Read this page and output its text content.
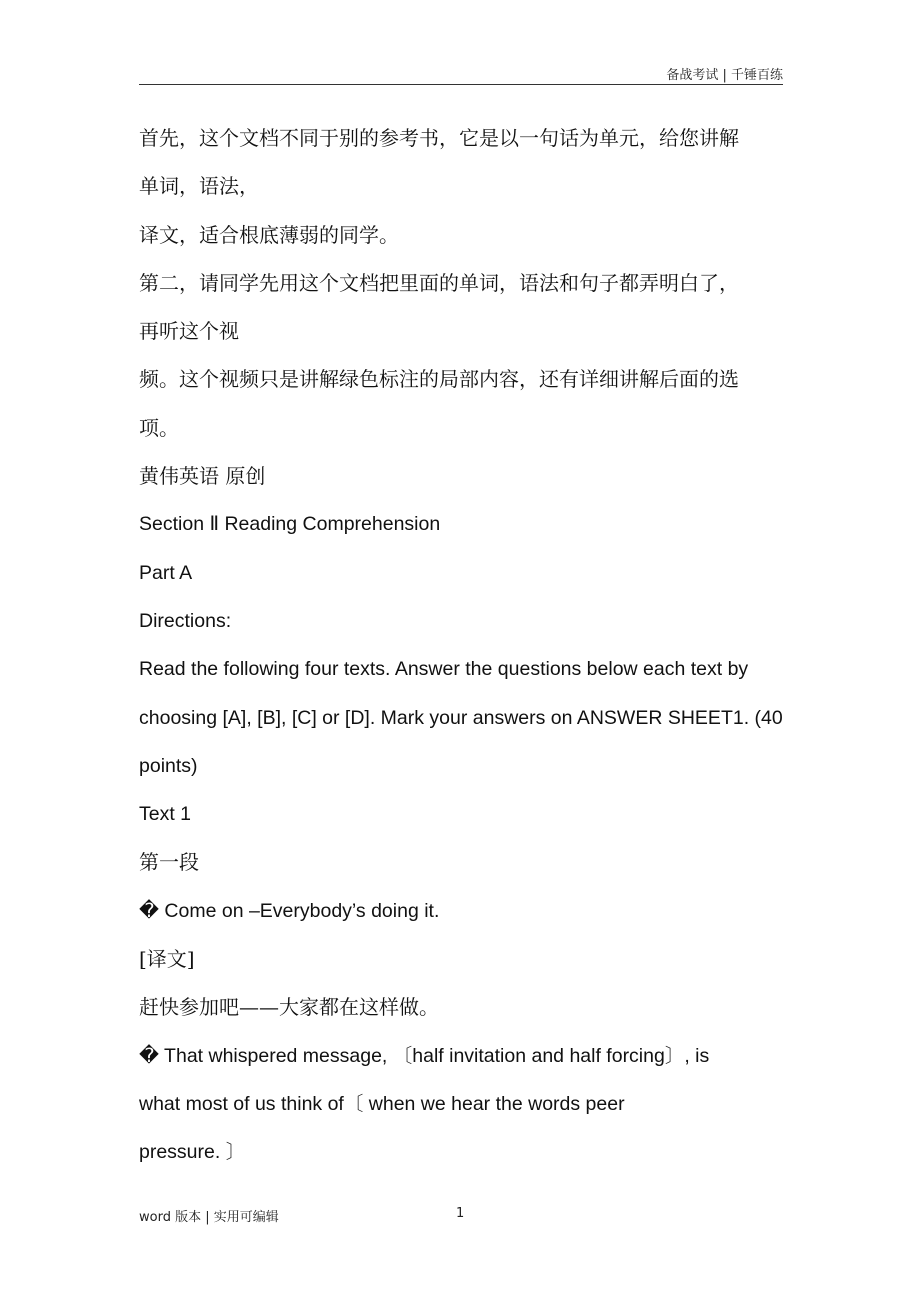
备战考试 | 千锤百练
首先，这个文档不同于别的参考书，它是以一句话为单元，给您讲解
单词，语法，
译文，适合根底薄弱的同学。
第二，请同学先用这个文档把里面的单词，语法和句子都弄明白了，
再听这个视
频。这个视频只是讲解绿色标注的局部内容，还有详细讲解后面的选
项。
黄伟英语 原创
Section Ⅱ Reading Comprehension
Part A
Directions:
Read the following four texts. Answer the questions below each text by
choosing [A], [B], [C] or [D]. Mark your answers on ANSWER SHEET1. (40
points)
Text 1
第一段
� Come on –Everybody’s doing it.
[译文]
赶快参加吧——大家都在这样做。
� That whispered message, 〔half invitation and half forcing〕, is
what most of us think of〔 when we hear the words peer
pressure. 〕
word 版本 | 实用可编辑	1
